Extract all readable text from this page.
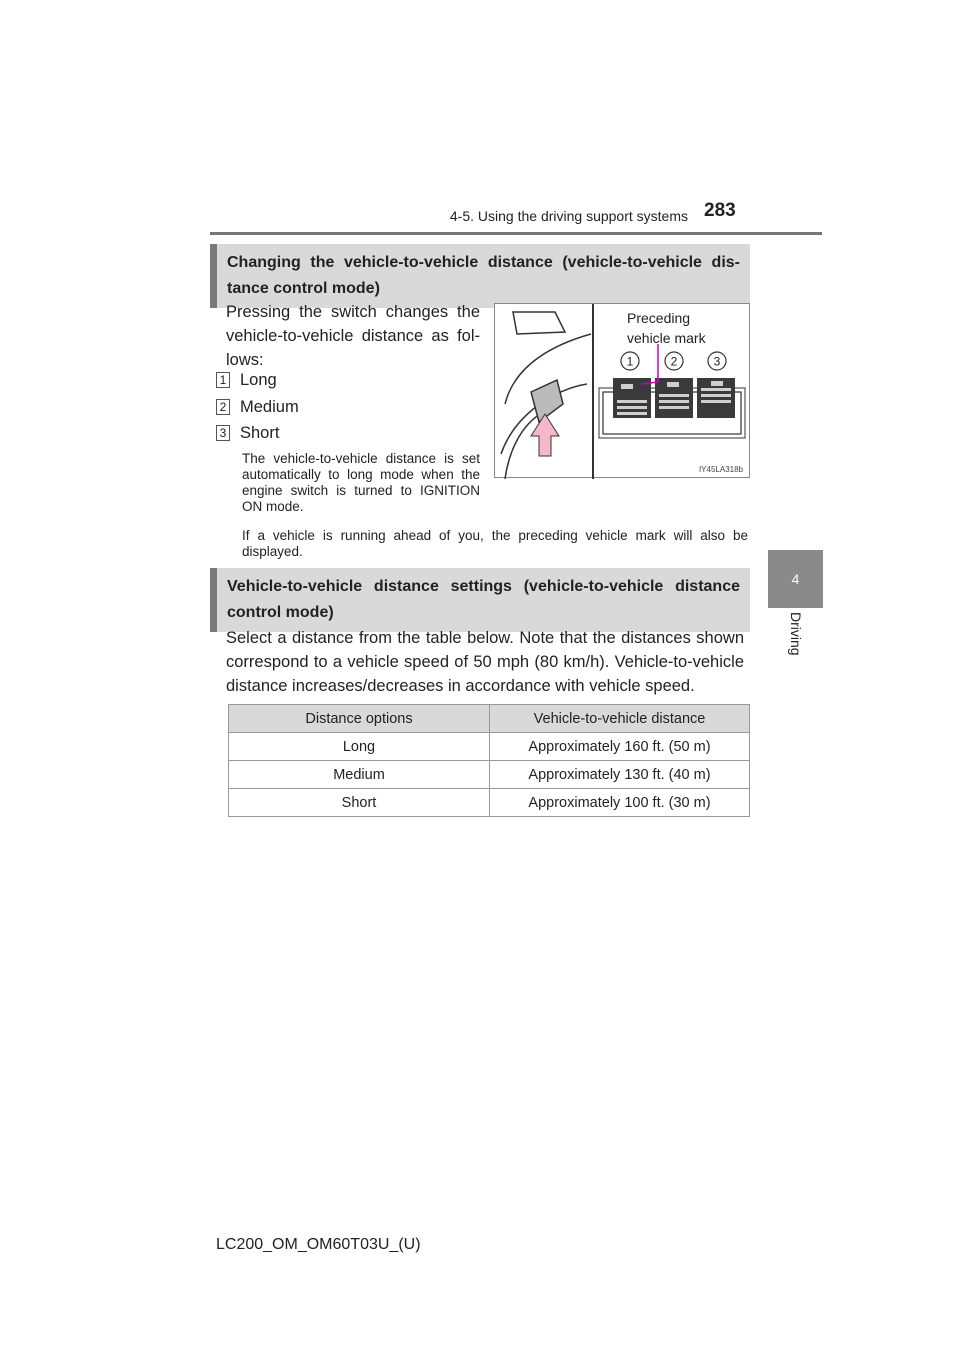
4-5. Using the driving support systems 283
4
Driving
Changing the vehicle-to-vehicle distance (vehicle-to-vehicle dis-tance control mode)
Pressing the switch changes the vehicle-to-vehicle distance as fol-lows:
1 Long
2 Medium
3 Short
The vehicle-to-vehicle distance is set automatically to long mode when the engine switch is turned to IGNITION ON mode.
If a vehicle is running ahead of you, the preceding vehicle mark will also be displayed.
1	2	3
Preceding
vehicle mark
IY45LA318b
Vehicle-to-vehicle distance settings (vehicle-to-vehicle distance control mode)
Select a distance from the table below. Note that the distances shown correspond to a vehicle speed of 50 mph (80 km/h). Vehicle-to-vehicle distance increases/decreases in accordance with vehicle speed.
Distance options	Vehicle-to-vehicle distance
Long	Approximately 160 ft. (50 m)
Medium	Approximately 130 ft. (40 m)
Short	Approximately 100 ft. (30 m)
LC200_OM_OM60T03U_(U)
